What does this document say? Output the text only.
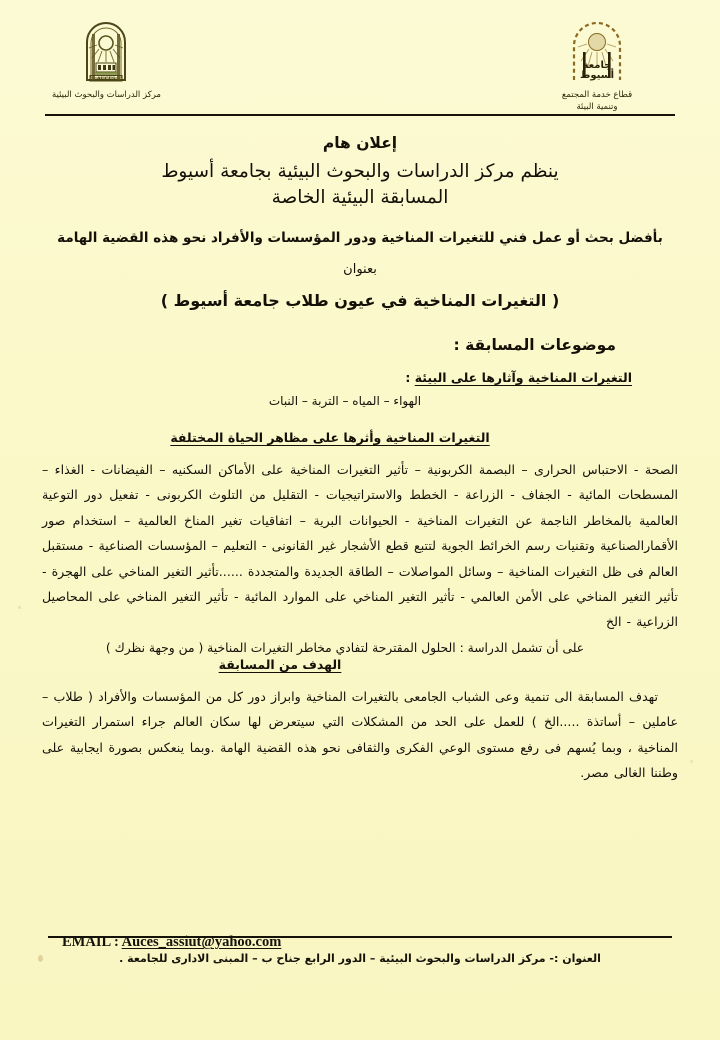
AUCES
مركز الدراسات والبحوث البيئية
جامعة
أسيوط
قطاع خدمة المجتمع
وتنمية البيئة
إعلان هام
ينظم مركز الدراسات والبحوث البيئية بجامعة أسيوط
المسابقة البيئية الخاصة
بأفضل بحث أو عمل فني للتغيرات المناخية ودور المؤسسات والأفراد نحو هذه القضية الهامة
بعنوان
( التغيرات المناخية في عيون طلاب جامعة أسيوط )
موضوعات المسابقة :
التغيرات المناخية وآثارها على البيئة :
الهواء – المياه – التربة – النبات
التغيرات المناخية وأثرها على مظاهر الحياة المختلفة
الصحة - الاحتباس الحرارى – البصمة الكربونية – تأثير التغيرات المناخية على الأماكن السكنيه – الفيضانات - الغذاء – المسطحات المائية - الجفاف - الزراعة - الخطط والاستراتيجيات - التقليل من التلوث الكربونى - تفعيل دور التوعية العالمية بالمخاطر الناجمة عن التغيرات المناخية - الحيوانات البرية – اتفاقيات تغير المناخ العالمية – استخدام صور الأقمارالصناعية وتقنيات رسم الخرائط الجوية لتتبع قطع الأشجار غير القانونى - التعليم – المؤسسات الصناعية - مستقبل العالم فى ظل التغيرات المناخية – وسائل المواصلات – الطاقة الجديدة والمتجددة ......تأثير التغير المناخي على الهجرة - تأثير التغير المناخي على الأمن العالمي - تأثير التغير المناخي على الموارد المائية - تأثير التغير المناخي على المحاصيل الزراعية - الخ
على أن تشمل الدراسة : الحلول المقترحة لتفادي مخاطر التغيرات المناخية ( من وجهة نظرك )
الهدف من المسابقة
تهدف المسابقة الى تنمية وعى الشباب الجامعى بالتغيرات المناخية وابراز دور كل من المؤسسات والأفراد ( طلاب – عاملين – أساتذة .....الخ ) للعمل على الحد من المشكلات التي سيتعرض لها سكان العالم جراء استمرار التغيرات المناخية ، وبما يُسهم فى رفع مستوى الوعي الفكرى والثقافى نحو هذه القضية الهامة .وبما ينعكس بصورة ايجابية على وطننا الغالى مصر.
EMAIL : Auces_assiut@yahoo.com
العنوان :- مركز الدراسات والبحوث البيئية – الدور الرابع جناح ب – المبنى الادارى للجامعة .
